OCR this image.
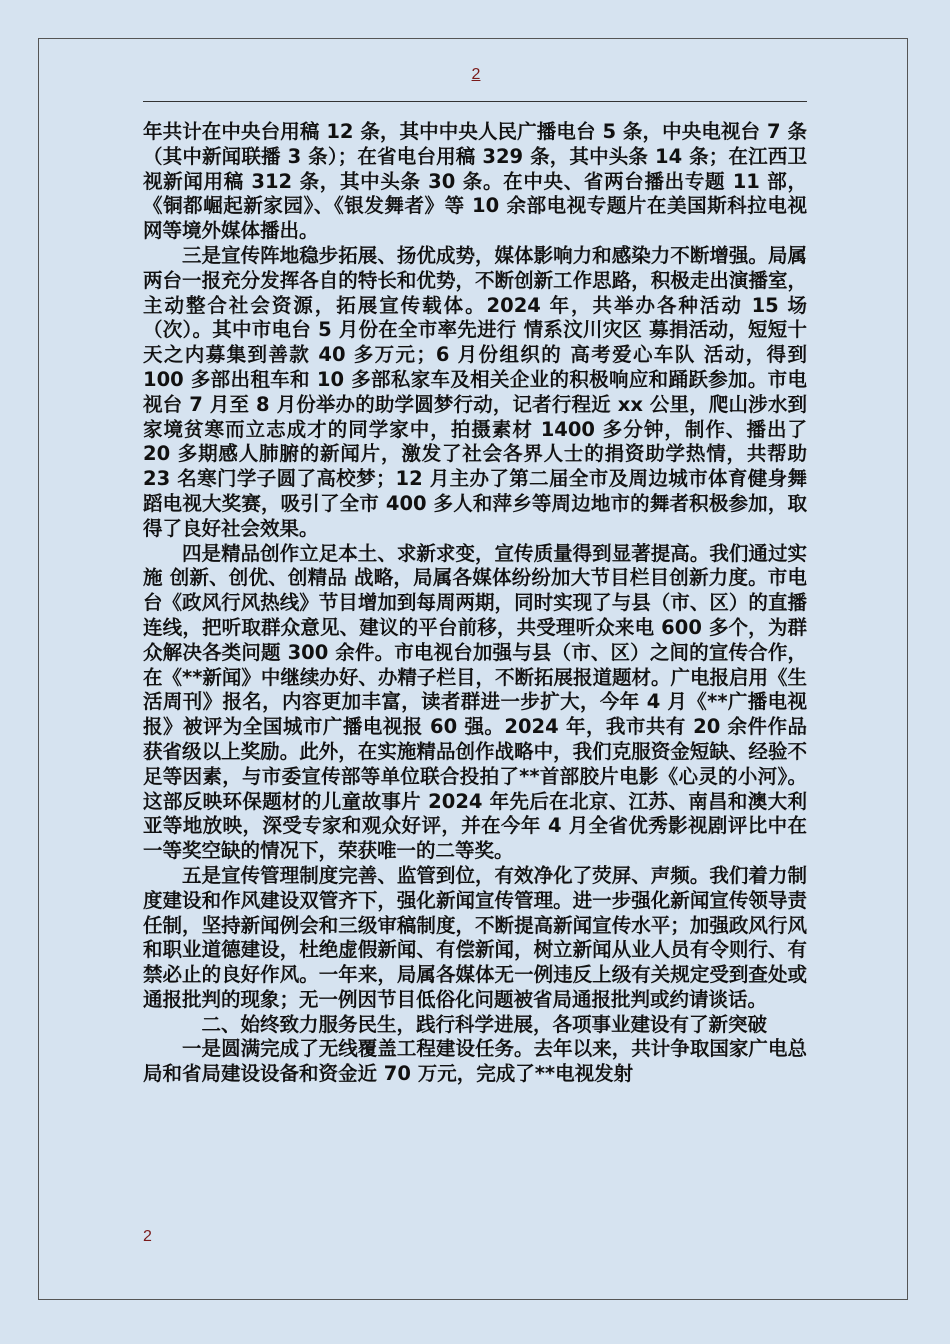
2

年共计在中央台用稿 12 条，其中中央人民广播电台 5 条，中央电视台 7 条（其中新闻联播 3 条）；在省电台用稿 329 条，其中头条 14 条；在江西卫视新闻用稿 312 条，其中头条 30 条。在中央、省两台播出专题 11 部，《铜都崛起新家园》、《银发舞者》等 10 余部电视专题片在美国斯科拉电视网等境外媒体播出。

三是宣传阵地稳步拓展、扬优成势，媒体影响力和感染力不断增强。局属两台一报充分发挥各自的特长和优势，不断创新工作思路，积极走出演播室，主动整合社会资源，拓展宣传载体。2024 年，共举办各种活动 15 场（次）。其中市电台 5 月份在全市率先进行 情系汶川灾区 募捐活动，短短十天之内募集到善款 40 多万元；6 月份组织的 高考爱心车队 活动，得到 100 多部出租车和 10 多部私家车及相关企业的积极响应和踊跃参加。市电视台 7 月至 8 月份举办的助学圆梦行动，记者行程近 xx 公里，爬山涉水到家境贫寒而立志成才的同学家中，拍摄素材 1400 多分钟，制作、播出了 20 多期感人肺腑的新闻片，激发了社会各界人士的捐资助学热情，共帮助 23 名寒门学子圆了高校梦；12 月主办了第二届全市及周边城市体育健身舞蹈电视大奖赛，吸引了全市 400 多人和萍乡等周边地市的舞者积极参加，取得了良好社会效果。

四是精品创作立足本土、求新求变，宣传质量得到显著提高。我们通过实施 创新、创优、创精品 战略，局属各媒体纷纷加大节目栏目创新力度。市电台《政风行风热线》节目增加到每周两期，同时实现了与县（市、区）的直播连线，把听取群众意见、建议的平台前移，共受理听众来电 600 多个，为群众解决各类问题 300 余件。市电视台加强与县（市、区）之间的宣传合作，在《**新闻》中继续办好、办精子栏目，不断拓展报道题材。广电报启用《生活周刊》报名，内容更加丰富，读者群进一步扩大，今年 4 月《**广播电视报》被评为全国城市广播电视报 60 强。2024 年，我市共有 20 余件作品获省级以上奖励。此外，在实施精品创作战略中，我们克服资金短缺、经验不足等因素，与市委宣传部等单位联合投拍了**首部胶片电影《心灵的小河》。这部反映环保题材的儿童故事片 2024 年先后在北京、江苏、南昌和澳大利亚等地放映，深受专家和观众好评，并在今年 4 月全省优秀影视剧评比中在一等奖空缺的情况下，荣获唯一的二等奖。

五是宣传管理制度完善、监管到位，有效净化了荧屏、声频。我们着力制度建设和作风建设双管齐下，强化新闻宣传管理。进一步强化新闻宣传领导责任制，坚持新闻例会和三级审稿制度，不断提高新闻宣传水平；加强政风行风和职业道德建设，杜绝虚假新闻、有偿新闻，树立新闻从业人员有令则行、有禁必止的良好作风。一年来，局属各媒体无一例违反上级有关规定受到查处或通报批判的现象；无一例因节目低俗化问题被省局通报批判或约请谈话。

二、始终致力服务民生，践行科学进展，各项事业建设有了新突破

一是圆满完成了无线覆盖工程建设任务。去年以来，共计争取国家广电总局和省局建设设备和资金近 70 万元，完成了**电视发射

2
